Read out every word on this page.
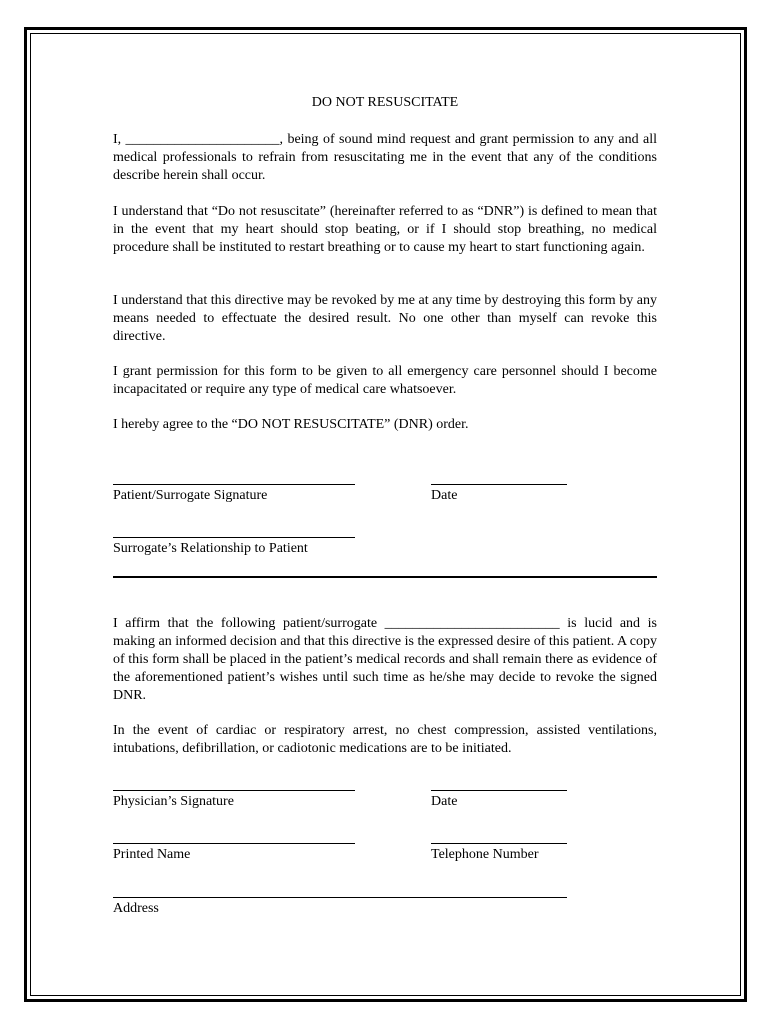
DO NOT RESUSCITATE

I, ______________________, being of sound mind request and grant permission to any and all medical professionals to refrain from resuscitating me in the event that any of the conditions describe herein shall occur.

I understand that “Do not resuscitate” (hereinafter referred to as “DNR”) is defined to mean that in the event that my heart should stop beating, or if I should stop breathing, no medical procedure shall be instituted to restart breathing or to cause my heart to start functioning again.

I understand that this directive may be revoked by me at any time by destroying this form by any means needed to effectuate the desired result. No one other than myself can revoke this directive.

I grant permission for this form to be given to all emergency care personnel should I become incapacitated or require any type of medical care whatsoever.

I hereby agree to the “DO NOT RESUSCITATE” (DNR) order.

Patient/Surrogate Signature	Date
Surrogate’s Relationship to Patient

I affirm that the following patient/surrogate _________________________ is lucid and is making an informed decision and that this directive is the expressed desire of this patient. A copy of this form shall be placed in the patient’s medical records and shall remain there as evidence of the aforementioned patient’s wishes until such time as he/she may decide to revoke the signed DNR.

In the event of cardiac or respiratory arrest, no chest compression, assisted ventilations, intubations, defibrillation, or cadiotonic medications are to be initiated.

Physician’s Signature	Date
Printed Name	Telephone Number
Address
